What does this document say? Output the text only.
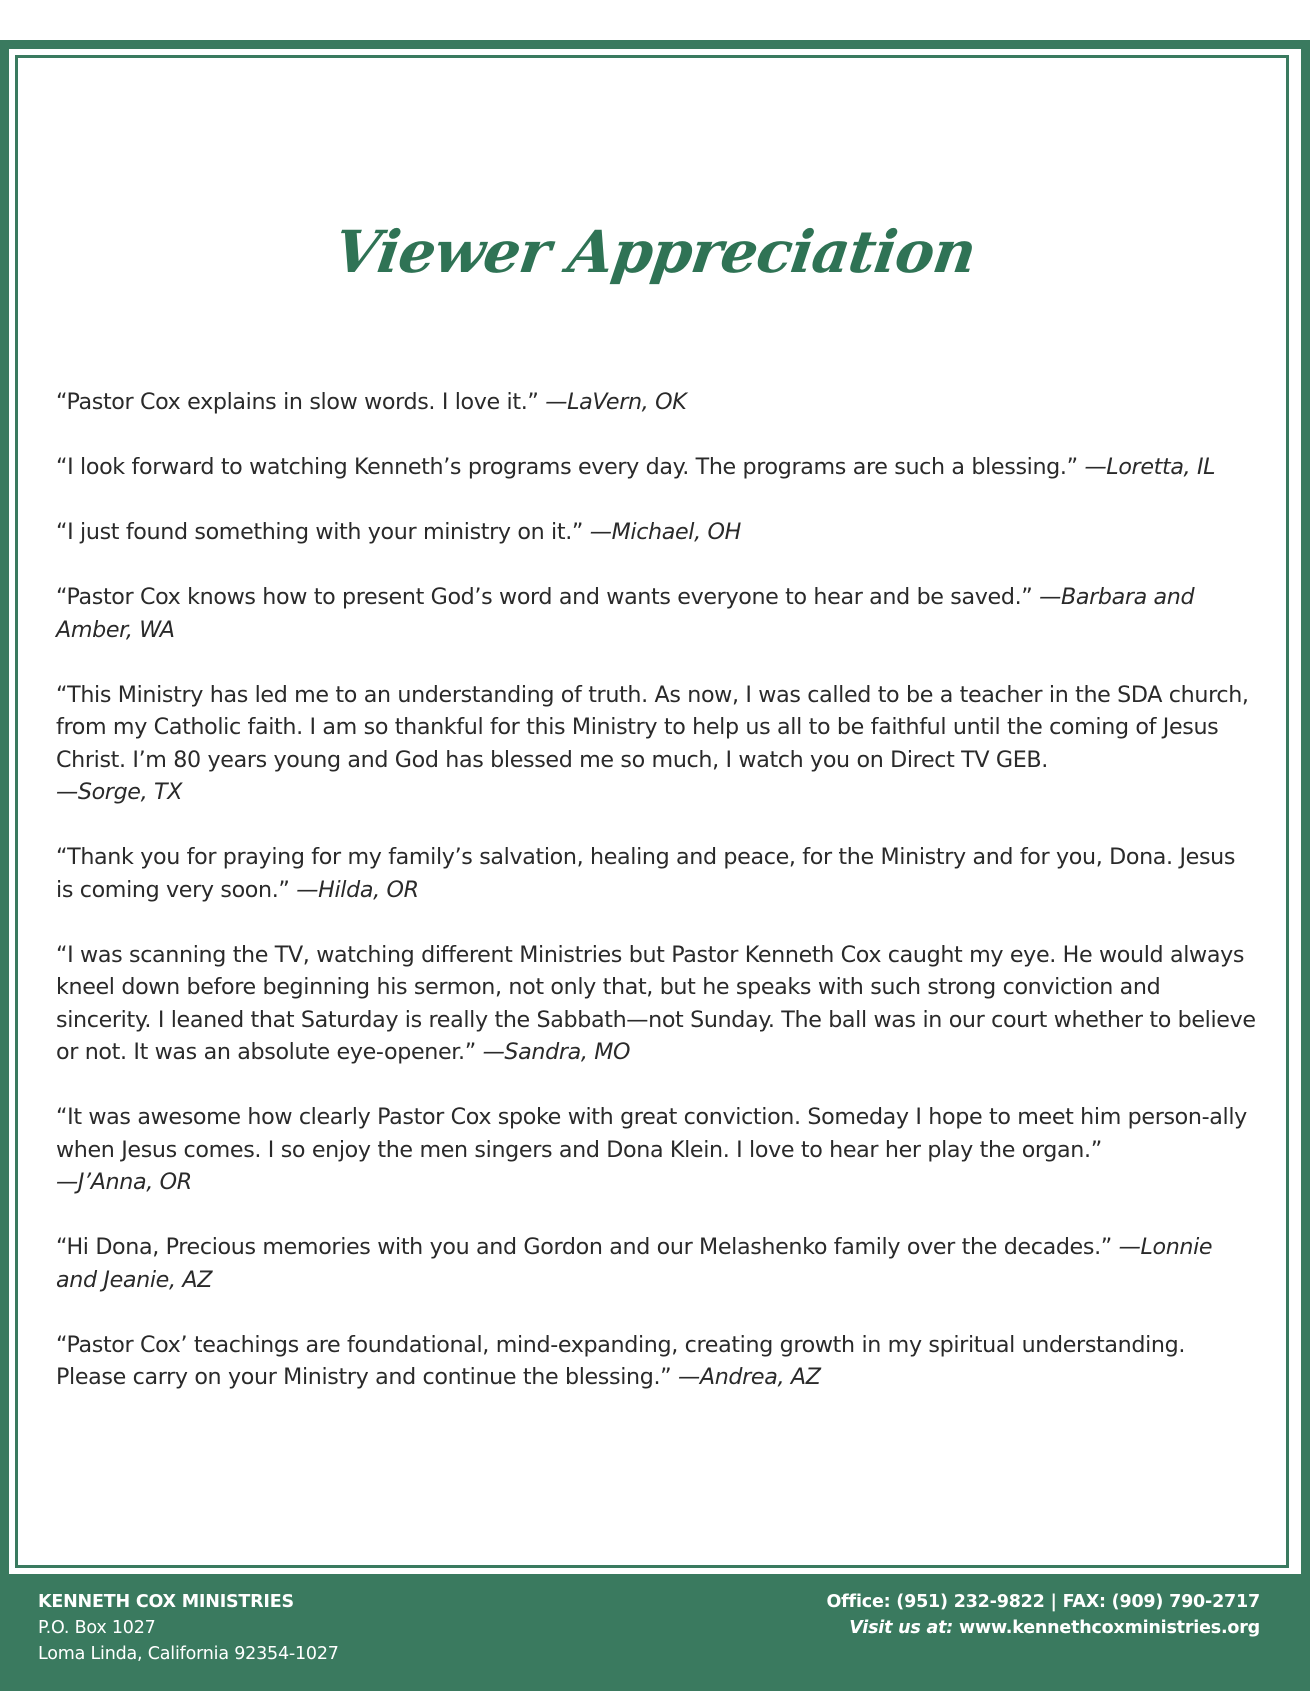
Viewer Appreciation

“Pastor Cox explains in slow words. I love it.” —LaVern, OK

“I look forward to watching Kenneth’s programs every day. The programs are such a blessing.” —Loretta, IL

“I just found something with your ministry on it.” —Michael, OH

“Pastor Cox knows how to present God’s word and wants everyone to hear and be saved.” —Barbara and Amber, WA

“This Ministry has led me to an understanding of truth. As now, I was called to be a teacher in the SDA church, from my Catholic faith. I am so thankful for this Ministry to help us all to be faithful until the coming of Jesus Christ. I’m 80 years young and God has blessed me so much, I watch you on Direct TV GEB.
—Sorge, TX

“Thank you for praying for my family’s salvation, healing and peace, for the Ministry and for you, Dona. Jesus is coming very soon.” —Hilda, OR

“I was scanning the TV, watching different Ministries but Pastor Kenneth Cox caught my eye. He would always kneel down before beginning his sermon, not only that, but he speaks with such strong conviction and sincerity. I leaned that Saturday is really the Sabbath—not Sunday. The ball was in our court whether to believe or not. It was an absolute eye-opener.” —Sandra, MO

“It was awesome how clearly Pastor Cox spoke with great conviction. Someday I hope to meet him person-ally when Jesus comes. I so enjoy the men singers and Dona Klein. I love to hear her play the organ.”
—J’Anna, OR

“Hi Dona, Precious memories with you and Gordon and our Melashenko family over the decades.” —Lonnie and Jeanie, AZ

“Pastor Cox’ teachings are foundational, mind-expanding, creating growth in my spiritual understanding. Please carry on your Ministry and continue the blessing.” —Andrea, AZ

KENNETH COX MINISTRIES
P.O. Box 1027
Loma Linda, California 92354-1027
Office: (951) 232-9822 | FAX: (909) 790-2717
Visit us at: www.kennethcoxministries.org
